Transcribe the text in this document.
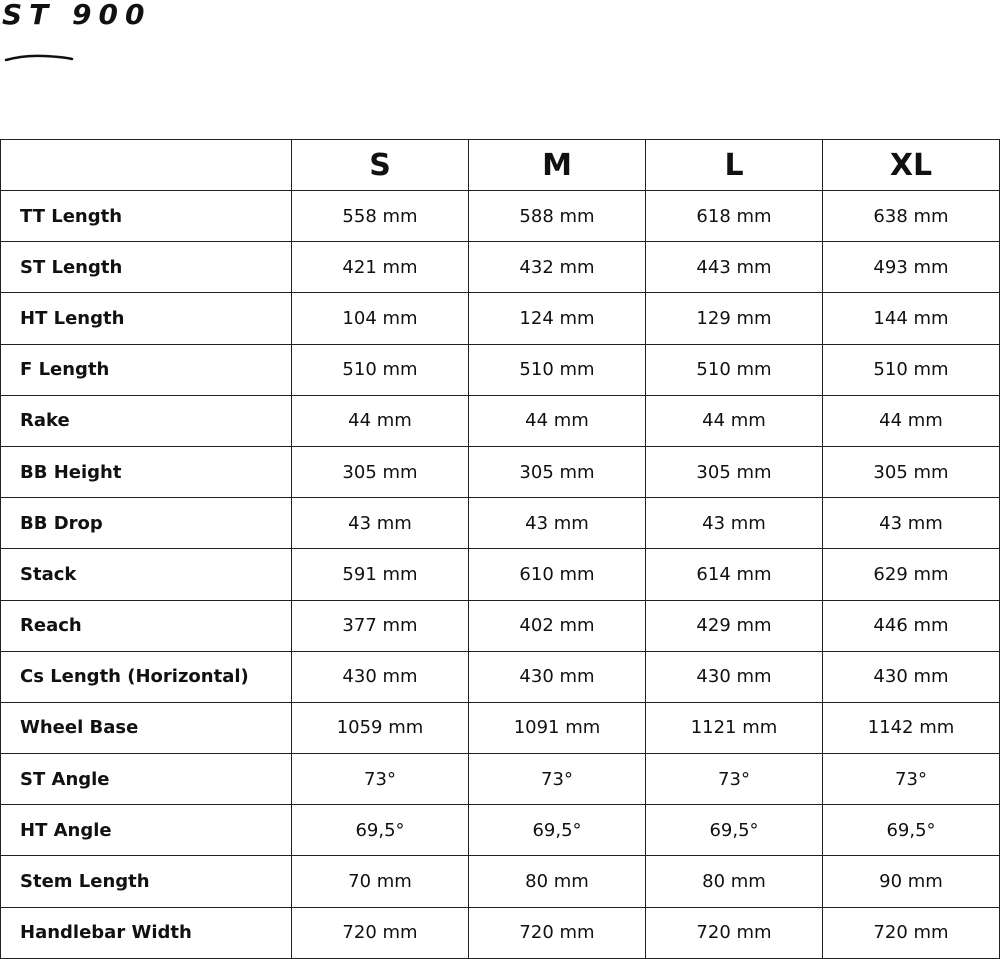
ST 900
	S	M	L	XL
TT Length	558 mm	588 mm	618 mm	638 mm
ST Length	421 mm	432 mm	443 mm	493 mm
HT Length	104 mm	124 mm	129 mm	144 mm
F Length	510 mm	510 mm	510 mm	510 mm
Rake	44 mm	44 mm	44 mm	44 mm
BB Height	305 mm	305 mm	305 mm	305 mm
BB Drop	43 mm	43 mm	43 mm	43 mm
Stack	591 mm	610 mm	614 mm	629 mm
Reach	377 mm	402 mm	429 mm	446 mm
Cs Length (Horizontal)	430 mm	430 mm	430 mm	430 mm
Wheel Base	1059 mm	1091 mm	1121 mm	1142 mm
ST Angle	73°	73°	73°	73°
HT Angle	69,5°	69,5°	69,5°	69,5°
Stem Length	70 mm	80 mm	80 mm	90 mm
Handlebar Width	720 mm	720 mm	720 mm	720 mm
